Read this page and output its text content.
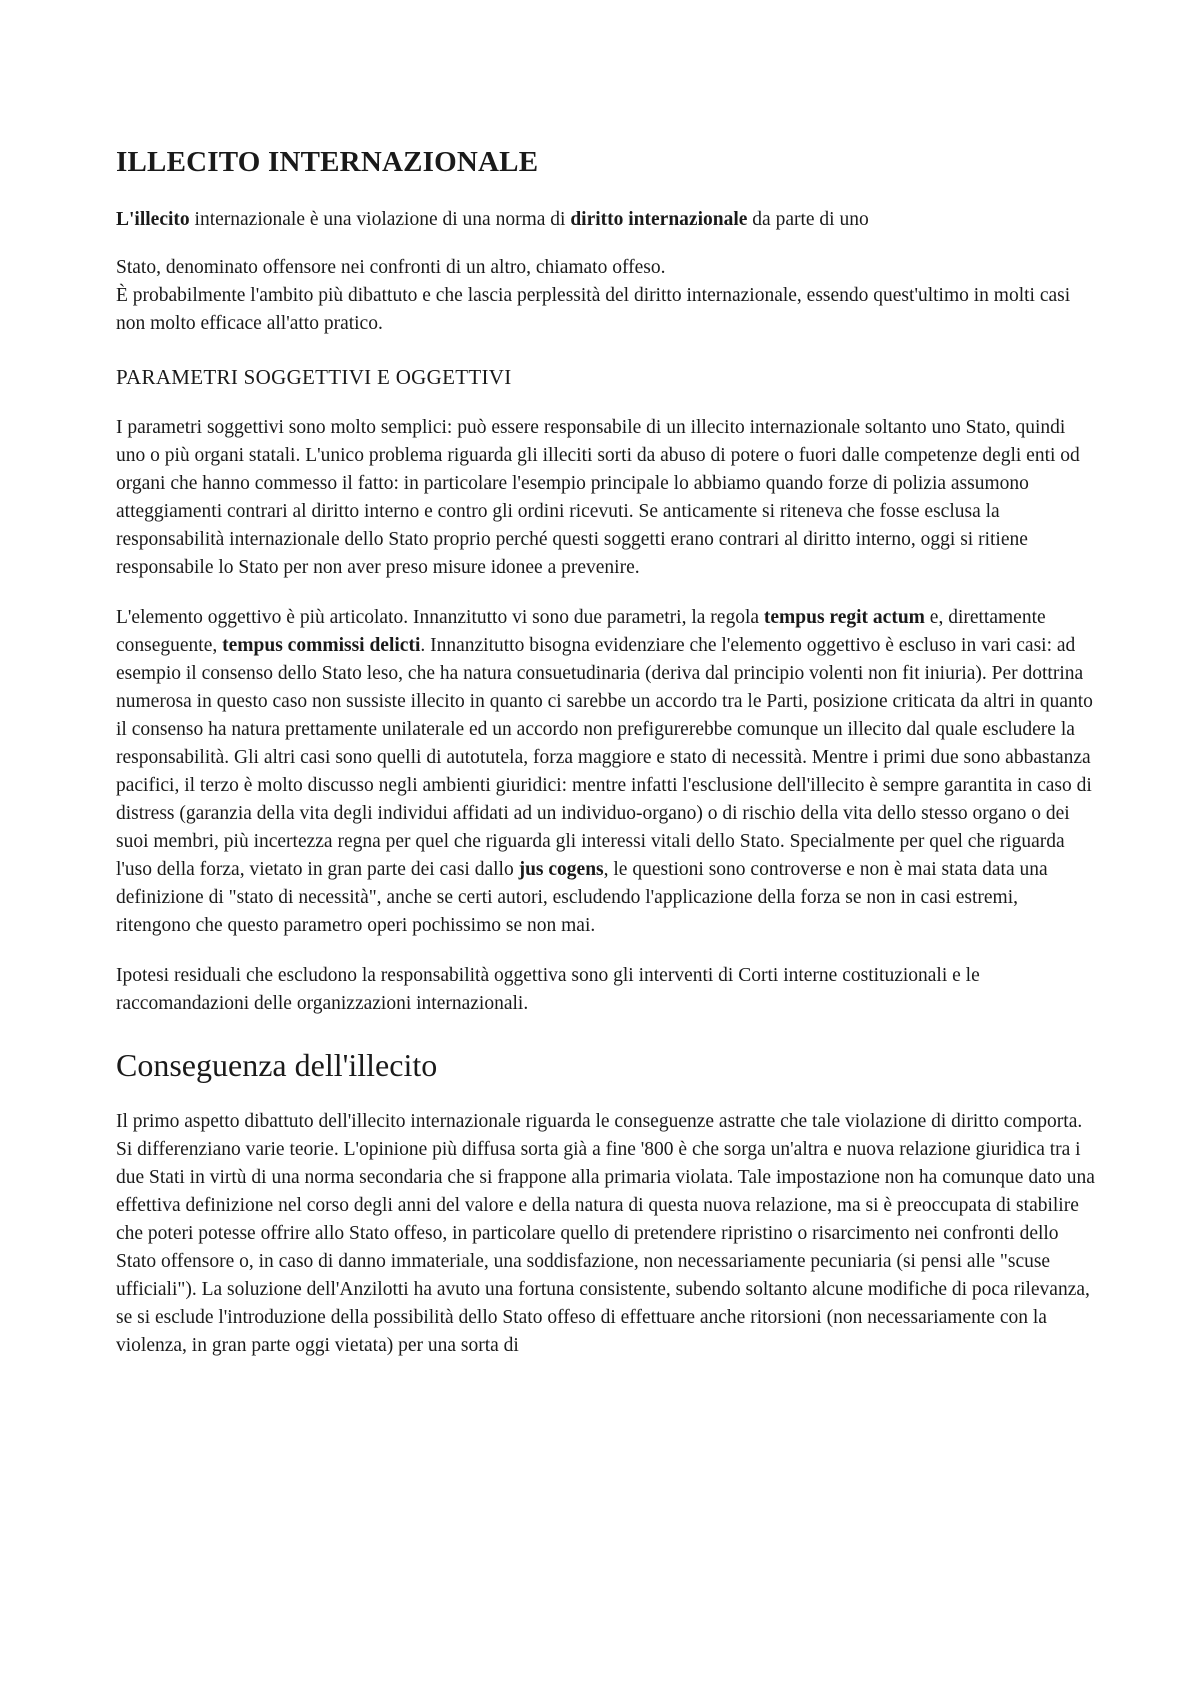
ILLECITO INTERNAZIONALE

L'illecito internazionale è una violazione di una norma di diritto internazionale da parte di uno

Stato, denominato offensore nei confronti di un altro, chiamato offeso.
È probabilmente l'ambito più dibattuto e che lascia perplessità del diritto internazionale, essendo quest'ultimo in molti casi non molto efficace all'atto pratico.

PARAMETRI SOGGETTIVI E OGGETTIVI

I parametri soggettivi sono molto semplici: può essere responsabile di un illecito internazionale soltanto uno Stato, quindi uno o più organi statali. L'unico problema riguarda gli illeciti sorti da abuso di potere o fuori dalle competenze degli enti od organi che hanno commesso il fatto: in particolare l'esempio principale lo abbiamo quando forze di polizia assumono atteggiamenti contrari al diritto interno e contro gli ordini ricevuti. Se anticamente si riteneva che fosse esclusa la responsabilità internazionale dello Stato proprio perché questi soggetti erano contrari al diritto interno, oggi si ritiene responsabile lo Stato per non aver preso misure idonee a prevenire.

L'elemento oggettivo è più articolato. Innanzitutto vi sono due parametri, la regola tempus regit actum e, direttamente conseguente, tempus commissi delicti. Innanzitutto bisogna evidenziare che l'elemento oggettivo è escluso in vari casi: ad esempio il consenso dello Stato leso, che ha natura consuetudinaria (deriva dal principio volenti non fit iniuria). Per dottrina numerosa in questo caso non sussiste illecito in quanto ci sarebbe un accordo tra le Parti, posizione criticata da altri in quanto il consenso ha natura prettamente unilaterale ed un accordo non prefigurerebbe comunque un illecito dal quale escludere la responsabilità. Gli altri casi sono quelli di autotutela, forza maggiore e stato di necessità. Mentre i primi due sono abbastanza pacifici, il terzo è molto discusso negli ambienti giuridici: mentre infatti l'esclusione dell'illecito è sempre garantita in caso di distress (garanzia della vita degli individui affidati ad un individuo-organo) o di rischio della vita dello stesso organo o dei suoi membri, più incertezza regna per quel che riguarda gli interessi vitali dello Stato. Specialmente per quel che riguarda l'uso della forza, vietato in gran parte dei casi dallo jus cogens, le questioni sono controverse e non è mai stata data una definizione di "stato di necessità", anche se certi autori, escludendo l'applicazione della forza se non in casi estremi, ritengono che questo parametro operi pochissimo se non mai.

Ipotesi residuali che escludono la responsabilità oggettiva sono gli interventi di Corti interne costituzionali e le raccomandazioni delle organizzazioni internazionali.

Conseguenza dell'illecito

Il primo aspetto dibattuto dell'illecito internazionale riguarda le conseguenze astratte che tale violazione di diritto comporta. Si differenziano varie teorie. L'opinione più diffusa sorta già a fine '800 è che sorga un'altra e nuova relazione giuridica tra i due Stati in virtù di una norma secondaria che si frappone alla primaria violata. Tale impostazione non ha comunque dato una effettiva definizione nel corso degli anni del valore e della natura di questa nuova relazione, ma si è preoccupata di stabilire che poteri potesse offrire allo Stato offeso, in particolare quello di pretendere ripristino o risarcimento nei confronti dello Stato offensore o, in caso di danno immateriale, una soddisfazione, non necessariamente pecuniaria (si pensi alle "scuse ufficiali"). La soluzione dell'Anzilotti ha avuto una fortuna consistente, subendo soltanto alcune modifiche di poca rilevanza, se si esclude l'introduzione della possibilità dello Stato offeso di effettuare anche ritorsioni (non necessariamente con la violenza, in gran parte oggi vietata) per una sorta di
